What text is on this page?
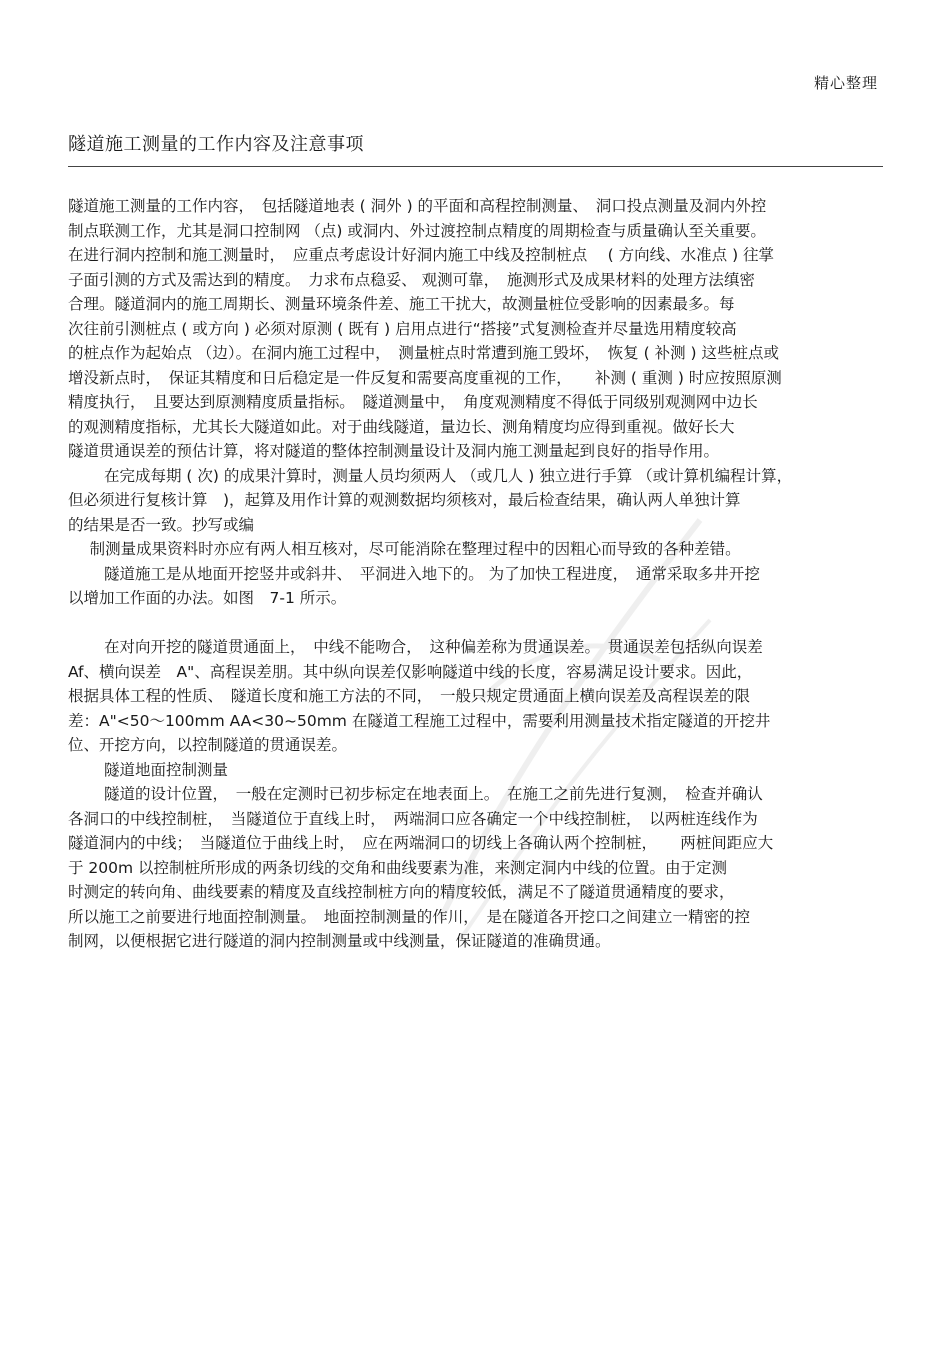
精心整理
隧道施工测量的工作内容及注意事项
隧道施工测量的工作内容，　包括隧道地表 ( 洞外 ) 的平面和高程控制测量、　洞口投点测量及洞内外控
制点联测工作，尤其是洞口控制网 （点) 或洞内、外过渡控制点精度的周期检查与质量确认至关重要。
在进行洞内控制和施工测量时，　应重点考虑设计好洞内施工中线及控制桩点　 ( 方向线、水准点 ) 往掌
子面引测的方式及需达到的精度。　力求布点稳妥、 观测可靠，　施测形式及成果材料的处理方法缜密
合理。隧道洞内的施工周期长、测量环境条件差、施工干扰大，故测量桩位受影响的因素最多。每
次往前引测桩点 ( 或方向 ) 必须对原测 ( 既有 ) 启用点进行“搭接”式复测检查并尽量选用精度较高
的桩点作为起始点 （边）。在洞内施工过程中，　测量桩点时常遭到施工毁坏，　恢复 ( 补测 ) 这些桩点或
增没新点时，　保证其精度和日后稳定是一件反复和需要高度重视的工作，　　补测 ( 重测 ) 时应按照原测
精度执行，　且要达到原测精度质量指标。　隧道测量中，　角度观测精度不得低于同级别观测网中边长
的观测精度指标，尤其长大隧道如此。对于曲线隧道，量边长、测角精度均应得到重视。做好长大
隧道贯通误差的预估计算，将对隧道的整体控制测量设计及洞内施工测量起到良好的指导作用。
在完成每期 ( 次) 的成果汁算时，测量人员均须两人 （或几人 ) 独立进行手算 （或计算机编程计算，
但必须进行复核计算　)，起算及用作计算的观测数据均须核对，最后检查结果，确认两人单独计算
的结果是否一致。抄写或编
制测量成果资料时亦应有两人相互核对，尽可能消除在整理过程中的因粗心而导致的各种差错。
隧道施工是从地面开挖竖井或斜井、　平洞进入地下的。 为了加快工程进度，　通常采取多井开挖
以增加工作面的办法。如图　7-1 所示。
在对向开挖的隧道贯通面上，　中线不能吻合，　这种偏差称为贯通误差。　贯通误差包括纵向误差
Af、横向误差　A"、高程误差朋。其中纵向误差仅影响隧道中线的长度，容易满足设计要求。因此，
根据具体工程的性质、　隧道长度和施工方法的不同，　一般只规定贯通面上横向误差及高程误差的限
差：A"<50～100mm AA<30~50mm 在隧道工程施工过程中，需要利用测量技术指定隧道的开挖井
位、开挖方向，以控制隧道的贯通误差。
隧道地面控制测量
隧道的设计位置，　一般在定测时已初步标定在地表面上。　在施工之前先进行复测，　检查并确认
各洞口的中线控制桩，　当隧道位于直线上时，　两端洞口应各确定一个中线控制桩，　以两桩连线作为
隧道洞内的中线；　当隧道位于曲线上时，　应在两端洞口的切线上各确认两个控制桩，　　两桩间距应大
于 200m 以控制桩所形成的两条切线的交角和曲线要素为准，来测定洞内中线的位置。由于定测
时测定的转向角、曲线要素的精度及直线控制桩方向的精度较低，满足不了隧道贯通精度的要求，
所以施工之前要进行地面控制测量。　地面控制测量的作川，　是在隧道各开挖口之间建立一精密的控
制网，以便根据它进行隧道的洞内控制测量或中线测量，保证隧道的准确贯通。
